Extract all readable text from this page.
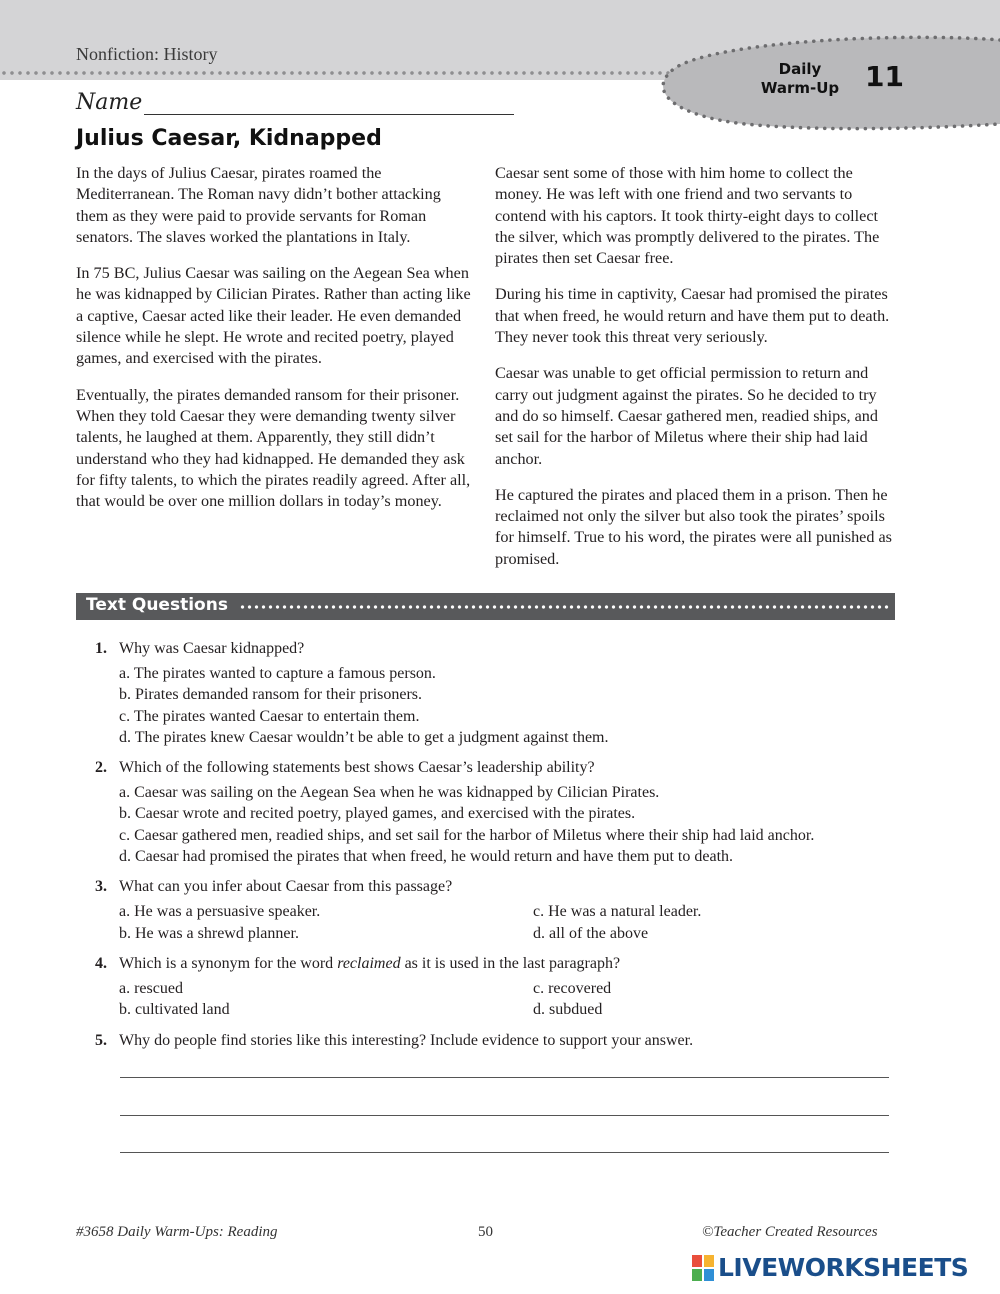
Nonfiction: History
Daily
Warm-Up 11
Name
Julius Caesar, Kidnapped

In the days of Julius Caesar, pirates roamed the Mediterranean. The Roman navy didn’t bother attacking them as they were paid to provide servants for Roman senators. The slaves worked the plantations in Italy.

In 75 BC, Julius Caesar was sailing on the Aegean Sea when he was kidnapped by Cilician Pirates. Rather than acting like a captive, Caesar acted like their leader. He even demanded silence while he slept. He wrote and recited poetry, played games, and exercised with the pirates.

Eventually, the pirates demanded ransom for their prisoner. When they told Caesar they were demanding twenty silver talents, he laughed at them. Apparently, they still didn’t understand who they had kidnapped. He demanded they ask for fifty talents, to which the pirates readily agreed. After all, that would be over one million dollars in today’s money.

Caesar sent some of those with him home to collect the money. He was left with one friend and two servants to contend with his captors. It took thirty-eight days to collect the silver, which was promptly delivered to the pirates. The pirates then set Caesar free.

During his time in captivity, Caesar had promised the pirates that when freed, he would return and have them put to death. They never took this threat very seriously.

Caesar was unable to get official permission to return and carry out judgment against the pirates. So he decided to try and do so himself. Caesar gathered men, readied ships, and set sail for the harbor of Miletus where their ship had laid anchor.

He captured the pirates and placed them in a prison. Then he reclaimed not only the silver but also took the pirates’ spoils for himself. True to his word, the pirates were all punished as promised.

Text Questions
1. Why was Caesar kidnapped?
a. The pirates wanted to capture a famous person.
b. Pirates demanded ransom for their prisoners.
c. The pirates wanted Caesar to entertain them.
d. The pirates knew Caesar wouldn’t be able to get a judgment against them.
2. Which of the following statements best shows Caesar’s leadership ability?
a. Caesar was sailing on the Aegean Sea when he was kidnapped by Cilician Pirates.
b. Caesar wrote and recited poetry, played games, and exercised with the pirates.
c. Caesar gathered men, readied ships, and set sail for the harbor of Miletus where their ship had laid anchor.
d. Caesar had promised the pirates that when freed, he would return and have them put to death.
3. What can you infer about Caesar from this passage?
a. He was a persuasive speaker.	c. He was a natural leader.
b. He was a shrewd planner.	d. all of the above
4. Which is a synonym for the word reclaimed as it is used in the last paragraph?
a. rescued	c. recovered
b. cultivated land	d. subdued
5. Why do people find stories like this interesting? Include evidence to support your answer.
#3658 Daily Warm-Ups: Reading	50	©Teacher Created Resources
LIVEWORKSHEETS
